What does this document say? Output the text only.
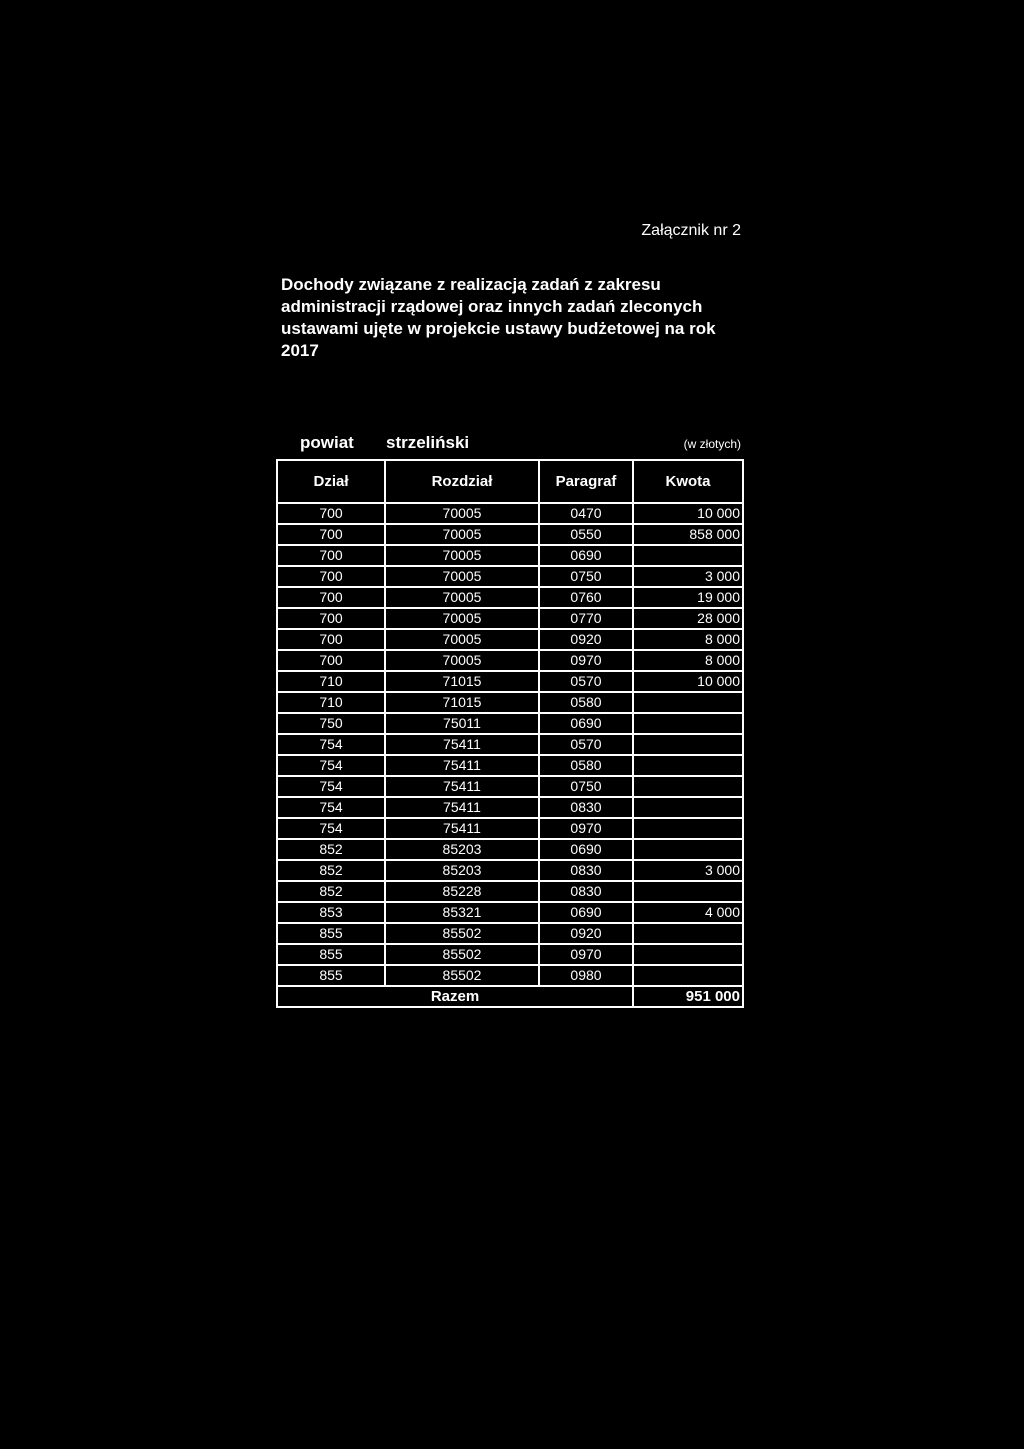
Załącznik nr 2
Dochody związane z realizacją zadań z zakresu administracji rządowej oraz innych zadań zleconych ustawami ujęte w projekcie ustawy budżetowej na rok 2017
powiat strzeliński	(w złotych)
Dział	Rozdział	Paragraf	Kwota
700	70005	0470	10 000
700	70005	0550	858 000
700	70005	0690	
700	70005	0750	3 000
700	70005	0760	19 000
700	70005	0770	28 000
700	70005	0920	8 000
700	70005	0970	8 000
710	71015	0570	10 000
710	71015	0580	
750	75011	0690	
754	75411	0570	
754	75411	0580	
754	75411	0750	
754	75411	0830	
754	75411	0970	
852	85203	0690	
852	85203	0830	3 000
852	85228	0830	
853	85321	0690	4 000
855	85502	0920	
855	85502	0970	
855	85502	0980	
Razem			951 000
